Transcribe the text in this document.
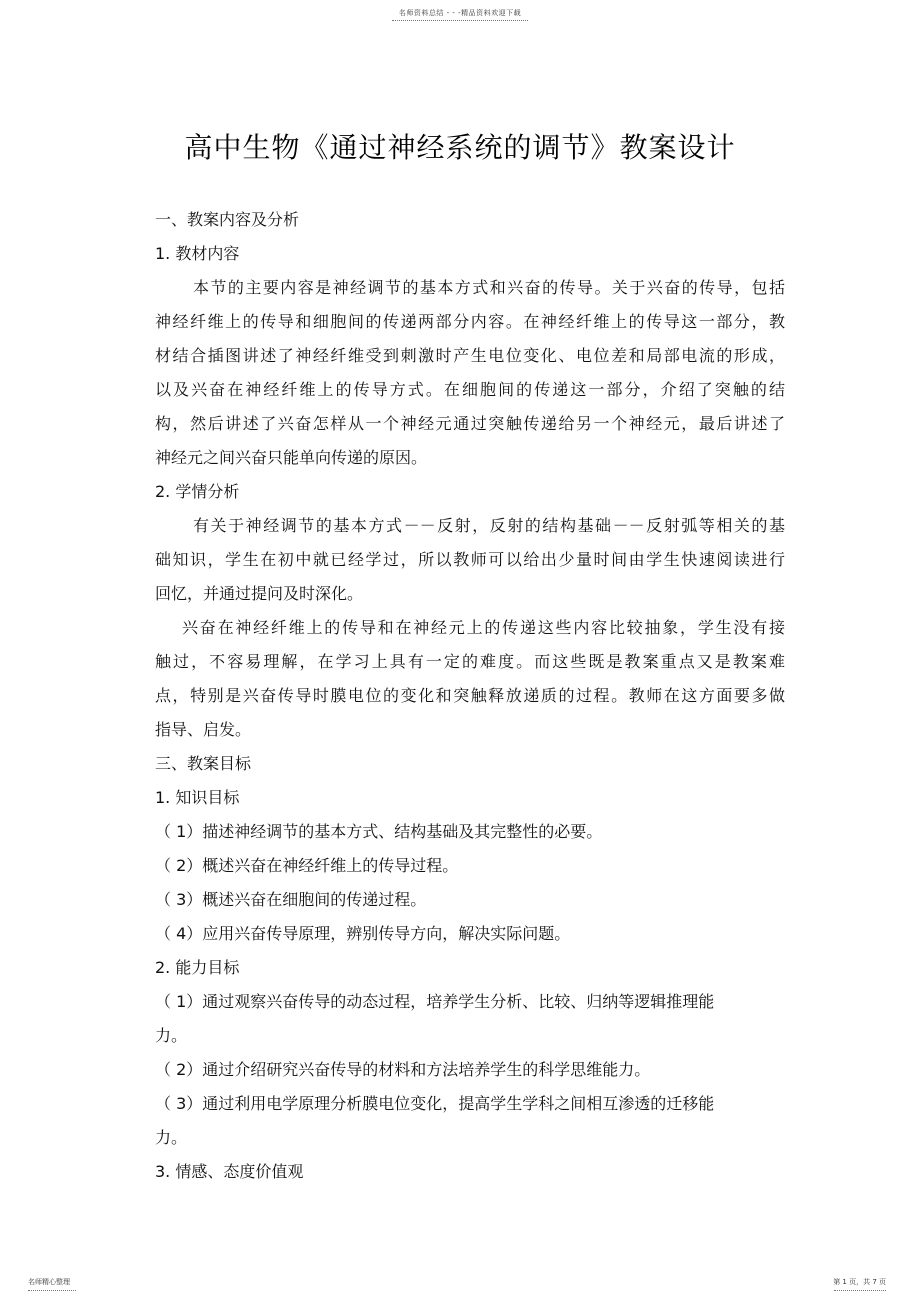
名师资料总结 - - -精品资料欢迎下载
高中生物《通过神经系统的调节》教案设计
一、教案内容及分析
1. 教材内容
本节的主要内容是神经调节的基本方式和兴奋的传导。关于兴奋的传导，包括
神经纤维上的传导和细胞间的传递两部分内容。在神经纤维上的传导这一部分，教
材结合插图讲述了神经纤维受到刺激时产生电位变化、电位差和局部电流的形成，
以及兴奋在神经纤维上的传导方式。在细胞间的传递这一部分，介绍了突触的结
构，然后讲述了兴奋怎样从一个神经元通过突触传递给另一个神经元，最后讲述了
神经元之间兴奋只能单向传递的原因。
2. 学情分析
有关于神经调节的基本方式－－反射，反射的结构基础－－反射弧等相关的基
础知识，学生在初中就已经学过，所以教师可以给出少量时间由学生快速阅读进行
回忆，并通过提问及时深化。
兴奋在神经纤维上的传导和在神经元上的传递这些内容比较抽象，学生没有接
触过，不容易理解，在学习上具有一定的难度。而这些既是教案重点又是教案难
点，特别是兴奋传导时膜电位的变化和突触释放递质的过程。教师在这方面要多做
指导、启发。
三、教案目标
1. 知识目标
（ 1）描述神经调节的基本方式、结构基础及其完整性的必要。
（ 2）概述兴奋在神经纤维上的传导过程。
（ 3）概述兴奋在细胞间的传递过程。
（ 4）应用兴奋传导原理，辨别传导方向，解决实际问题。
2. 能力目标
（ 1）通过观察兴奋传导的动态过程，培养学生分析、比较、归纳等逻辑推理能
力。
（ 2）通过介绍研究兴奋传导的材料和方法培养学生的科学思维能力。
（ 3）通过利用电学原理分析膜电位变化，提高学生学科之间相互渗透的迁移能
力。
3. 情感、态度价值观
名师精心整理	第 1 页，共 7 页
